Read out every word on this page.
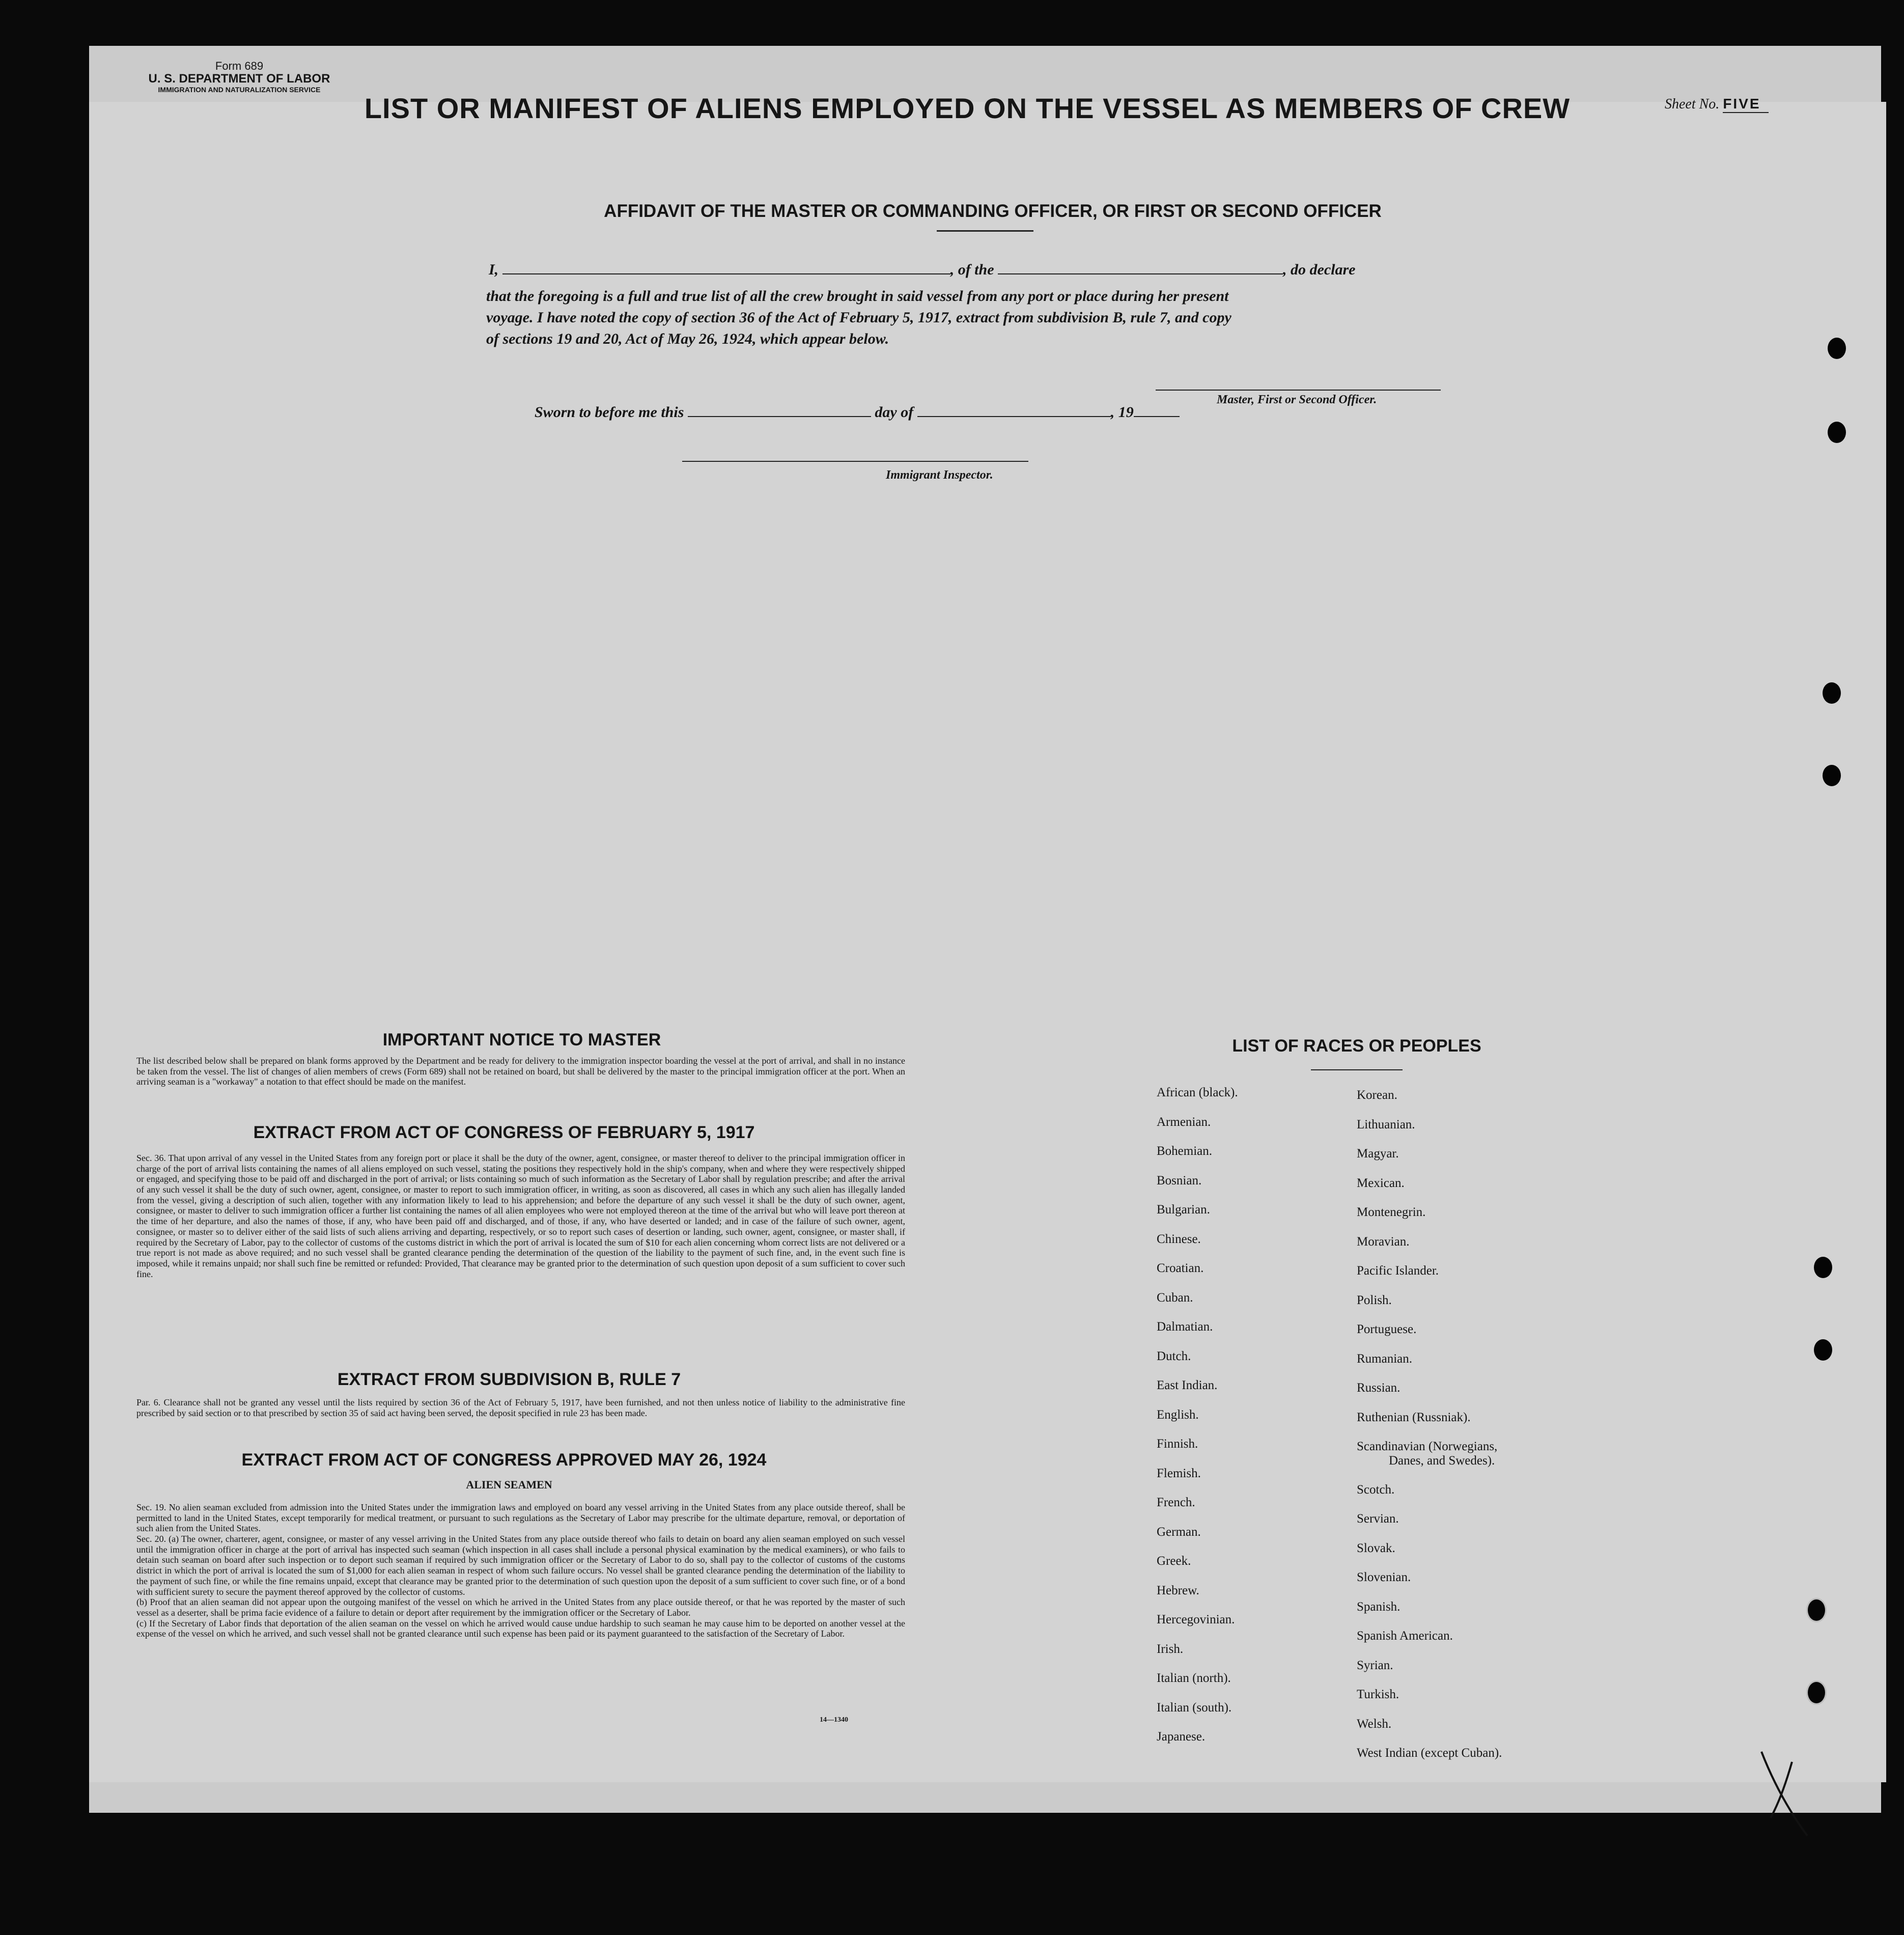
Form 689
U. S. DEPARTMENT OF LABOR
IMMIGRATION AND NATURALIZATION SERVICE
LIST OR MANIFEST OF ALIENS EMPLOYED ON THE VESSEL AS MEMBERS OF CREW	Sheet No. FIVE
AFFIDAVIT OF THE MASTER OR COMMANDING OFFICER, OR FIRST OR SECOND OFFICER
I,	, of the	, do declare
that the foregoing is a full and true list of all the crew brought in said vessel from any port or place during her present
voyage. I have noted the copy of section 36 of the Act of February 5, 1917, extract from subdivision B, rule 7, and copy
of sections 19 and 20, Act of May 26, 1924, which appear below.
Master, First or Second Officer.
Sworn to before me this	day of	, 19
Immigrant Inspector.
IMPORTANT NOTICE TO MASTER
The list described below shall be prepared on blank forms approved by the Department and be ready for delivery to the immigration inspector boarding the vessel at the port of arrival, and shall in no instance be taken from the vessel. The list of changes of alien members of crews (Form 689) shall not be retained on board, but shall be delivered by the master to the principal immigration officer at the port. When an arriving seaman is a "workaway" a notation to that effect should be made on the manifest.
EXTRACT FROM ACT OF CONGRESS OF FEBRUARY 5, 1917
Sec. 36. That upon arrival of any vessel in the United States from any foreign port or place it shall be the duty of the owner, agent, consignee, or master thereof to deliver to the principal immigration officer in charge of the port of arrival lists containing the names of all aliens employed on such vessel, stating the positions they respectively hold in the ship's company, when and where they were respectively shipped or engaged, and specifying those to be paid off and discharged in the port of arrival; or lists containing so much of such information as the Secretary of Labor shall by regulation prescribe; and after the arrival of any such vessel it shall be the duty of such owner, agent, consignee, or master to report to such immigration officer, in writing, as soon as discovered, all cases in which any such alien has illegally landed from the vessel, giving a description of such alien, together with any information likely to lead to his apprehension; and before the departure of any such vessel it shall be the duty of such owner, agent, consignee, or master to deliver to such immigration officer a further list containing the names of all alien employees who were not employed thereon at the time of the arrival but who will leave port thereon at the time of her departure, and also the names of those, if any, who have been paid off and discharged, and of those, if any, who have deserted or landed; and in case of the failure of such owner, agent, consignee, or master so to deliver either of the said lists of such aliens arriving and departing, respectively, or so to report such cases of desertion or landing, such owner, agent, consignee, or master shall, if required by the Secretary of Labor, pay to the collector of customs of the customs district in which the port of arrival is located the sum of $10 for each alien concerning whom correct lists are not delivered or a true report is not made as above required; and no such vessel shall be granted clearance pending the determination of the question of the liability to the payment of such fine, and, in the event such fine is imposed, while it remains unpaid; nor shall such fine be remitted or refunded: Provided, That clearance may be granted prior to the determination of such question upon deposit of a sum sufficient to cover such fine.
EXTRACT FROM SUBDIVISION B, RULE 7
Par. 6. Clearance shall not be granted any vessel until the lists required by section 36 of the Act of February 5, 1917, have been furnished, and not then unless notice of liability to the administrative fine prescribed by said section or to that prescribed by section 35 of said act having been served, the deposit specified in rule 23 has been made.
EXTRACT FROM ACT OF CONGRESS APPROVED MAY 26, 1924
ALIEN SEAMEN
Sec. 19. No alien seaman excluded from admission into the United States under the immigration laws and employed on board any vessel arriving in the United States from any place outside thereof, shall be permitted to land in the United States, except temporarily for medical treatment, or pursuant to such regulations as the Secretary of Labor may prescribe for the ultimate departure, removal, or deportation of such alien from the United States.
Sec. 20. (a) The owner, charterer, agent, consignee, or master of any vessel arriving in the United States from any place outside thereof who fails to detain on board any alien seaman employed on such vessel until the immigration officer in charge at the port of arrival has inspected such seaman (which inspection in all cases shall include a personal physical examination by the medical examiners), or who fails to detain such seaman on board after such inspection or to deport such seaman if required by such immigration officer or the Secretary of Labor to do so, shall pay to the collector of customs of the customs district in which the port of arrival is located the sum of $1,000 for each alien seaman in respect of whom such failure occurs. No vessel shall be granted clearance pending the determination of the liability to the payment of such fine, or while the fine remains unpaid, except that clearance may be granted prior to the determination of such question upon the deposit of a sum sufficient to cover such fine, or of a bond with sufficient surety to secure the payment thereof approved by the collector of customs.
(b) Proof that an alien seaman did not appear upon the outgoing manifest of the vessel on which he arrived in the United States from any place outside thereof, or that he was reported by the master of such vessel as a deserter, shall be prima facie evidence of a failure to detain or deport after requirement by the immigration officer or the Secretary of Labor.
(c) If the Secretary of Labor finds that deportation of the alien seaman on the vessel on which he arrived would cause undue hardship to such seaman he may cause him to be deported on another vessel at the expense of the vessel on which he arrived, and such vessel shall not be granted clearance until such expense has been paid or its payment guaranteed to the satisfaction of the Secretary of Labor.
14—1340
LIST OF RACES OR PEOPLES
African (black).
Armenian.
Bohemian.
Bosnian.
Bulgarian.
Chinese.
Croatian.
Cuban.
Dalmatian.
Dutch.
East Indian.
English.
Finnish.
Flemish.
French.
German.
Greek.
Hebrew.
Hercegovinian.
Irish.
Italian (north).
Italian (south).
Japanese.
Korean.
Lithuanian.
Magyar.
Mexican.
Montenegrin.
Moravian.
Pacific Islander.
Polish.
Portuguese.
Rumanian.
Russian.
Ruthenian (Russniak).
Scandinavian (Norwegians,
Danes, and Swedes).
Scotch.
Servian.
Slovak.
Slovenian.
Spanish.
Spanish American.
Syrian.
Turkish.
Welsh.
West Indian (except Cuban).
